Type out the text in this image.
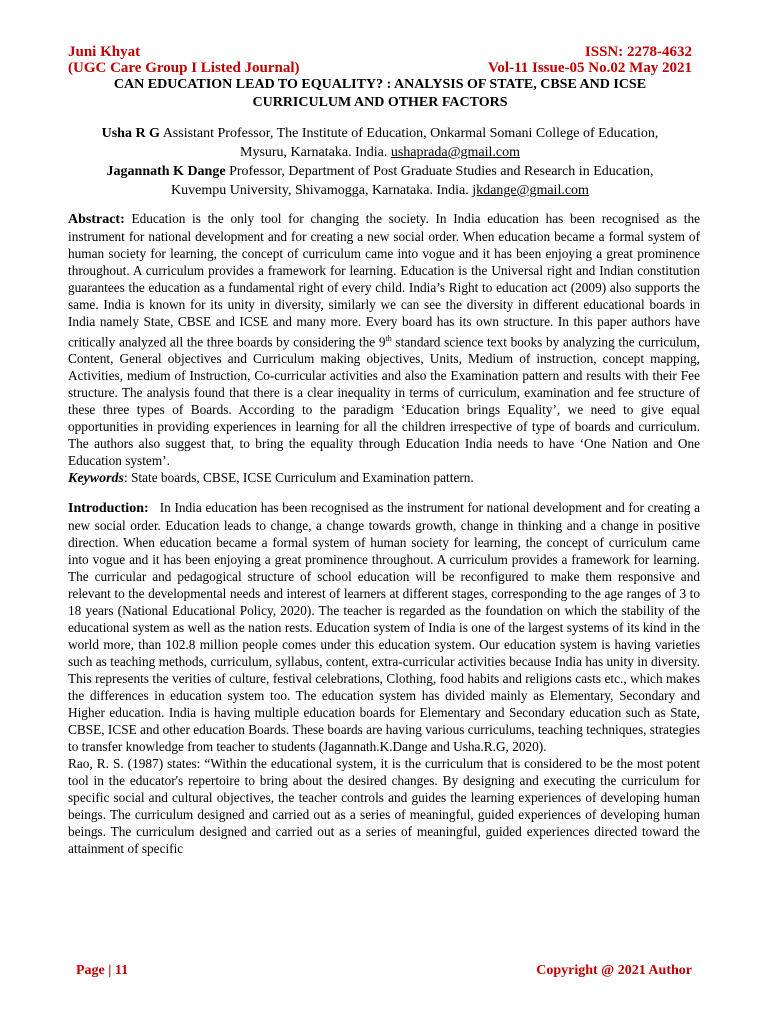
Juni Khyat	ISSN: 2278-4632
(UGC Care Group I Listed Journal)	Vol-11 Issue-05 No.02 May 2021
CAN EDUCATION LEAD TO EQUALITY? : ANALYSIS OF STATE, CBSE AND ICSE
CURRICULUM AND OTHER FACTORS
Usha R G Assistant Professor, The Institute of Education, Onkarmal Somani College of Education,
Mysuru, Karnataka. India. ushaprada@gmail.com
Jagannath K Dange Professor, Department of Post Graduate Studies and Research in Education,
Kuvempu University, Shivamogga, Karnataka. India. jkdange@gmail.com

Abstract: Education is the only tool for changing the society. In India education has been recognised as the instrument for national development and for creating a new social order. When education became a formal system of human society for learning, the concept of curriculum came into vogue and it has been enjoying a great prominence throughout. A curriculum provides a framework for learning. Education is the Universal right and Indian constitution guarantees the education as a fundamental right of every child. India’s Right to education act (2009) also supports the same. India is known for its unity in diversity, similarly we can see the diversity in different educational boards in India namely State, CBSE and ICSE and many more. Every board has its own structure. In this paper authors have critically analyzed all the three boards by considering the 9th standard science text books by analyzing the curriculum, Content, General objectives and Curriculum making objectives, Units, Medium of instruction, concept mapping, Activities, medium of Instruction, Co-curricular activities and also the Examination pattern and results with their Fee structure. The analysis found that there is a clear inequality in terms of curriculum, examination and fee structure of these three types of Boards. According to the paradigm ‘Education brings Equality’, we need to give equal opportunities in providing experiences in learning for all the children irrespective of type of boards and curriculum. The authors also suggest that, to bring the equality through Education India needs to have ‘One Nation and One Education system’.

Keywords: State boards, CBSE, ICSE Curriculum and Examination pattern.

Introduction: In India education has been recognised as the instrument for national development and for creating a new social order. Education leads to change, a change towards growth, change in thinking and a change in positive direction. When education became a formal system of human society for learning, the concept of curriculum came into vogue and it has been enjoying a great prominence throughout. A curriculum provides a framework for learning. The curricular and pedagogical structure of school education will be reconfigured to make them responsive and relevant to the developmental needs and interest of learners at different stages, corresponding to the age ranges of 3 to 18 years (National Educational Policy, 2020). The teacher is regarded as the foundation on which the stability of the educational system as well as the nation rests. Education system of India is one of the largest systems of its kind in the world more, than 102.8 million people comes under this education system. Our education system is having varieties such as teaching methods, curriculum, syllabus, content, extra-curricular activities because India has unity in diversity. This represents the verities of culture, festival celebrations, Clothing, food habits and religions casts etc., which makes the differences in education system too. The education system has divided mainly as Elementary, Secondary and Higher education. India is having multiple education boards for Elementary and Secondary education such as State, CBSE, ICSE and other education Boards. These boards are having various curriculums, teaching techniques, strategies to transfer knowledge from teacher to students (Jagannath.K.Dange and Usha.R.G, 2020).

Rao, R. S. (1987) states: “Within the educational system, it is the curriculum that is considered to be the most potent tool in the educator's repertoire to bring about the desired changes. By designing and executing the curriculum for specific social and cultural objectives, the teacher controls and guides the learning experiences of developing human beings. The curriculum designed and carried out as a series of meaningful, guided experiences of developing human beings. The curriculum designed and carried out as a series of meaningful, guided experiences directed toward the attainment of specific

Page | 11	Copyright @ 2021 Author
